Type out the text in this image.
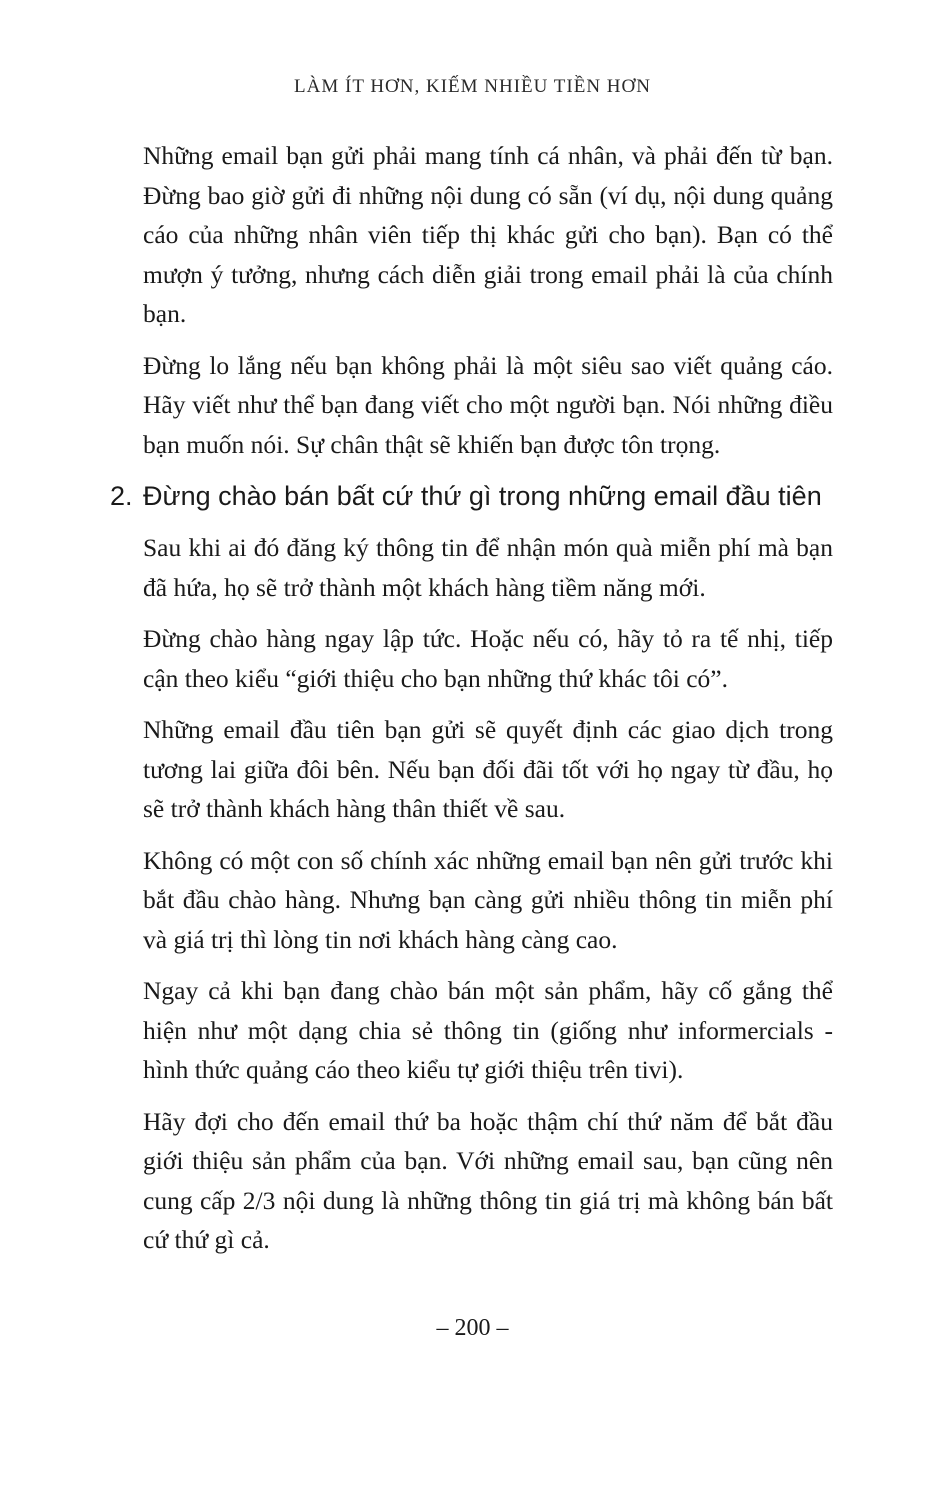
LÀM ÍT HƠN, KIẾM NHIỀU TIỀN HƠN

Những email bạn gửi phải mang tính cá nhân, và phải đến từ bạn. Đừng bao giờ gửi đi những nội dung có sẵn (ví dụ, nội dung quảng cáo của những nhân viên tiếp thị khác gửi cho bạn). Bạn có thể mượn ý tưởng, nhưng cách diễn giải trong email phải là của chính bạn.

Đừng lo lắng nếu bạn không phải là một siêu sao viết quảng cáo. Hãy viết như thể bạn đang viết cho một người bạn. Nói những điều bạn muốn nói. Sự chân thật sẽ khiến bạn được tôn trọng.

2. Đừng chào bán bất cứ thứ gì trong những email đầu tiên

Sau khi ai đó đăng ký thông tin để nhận món quà miễn phí mà bạn đã hứa, họ sẽ trở thành một khách hàng tiềm năng mới.

Đừng chào hàng ngay lập tức. Hoặc nếu có, hãy tỏ ra tế nhị, tiếp cận theo kiểu “giới thiệu cho bạn những thứ khác tôi có”.

Những email đầu tiên bạn gửi sẽ quyết định các giao dịch trong tương lai giữa đôi bên. Nếu bạn đối đãi tốt với họ ngay từ đầu, họ sẽ trở thành khách hàng thân thiết về sau.

Không có một con số chính xác những email bạn nên gửi trước khi bắt đầu chào hàng. Nhưng bạn càng gửi nhiều thông tin miễn phí và giá trị thì lòng tin nơi khách hàng càng cao.

Ngay cả khi bạn đang chào bán một sản phẩm, hãy cố gắng thể hiện như một dạng chia sẻ thông tin (giống như informercials - hình thức quảng cáo theo kiểu tự giới thiệu trên tivi).

Hãy đợi cho đến email thứ ba hoặc thậm chí thứ năm để bắt đầu giới thiệu sản phẩm của bạn. Với những email sau, bạn cũng nên cung cấp 2/3 nội dung là những thông tin giá trị mà không bán bất cứ thứ gì cả.

– 200 –
